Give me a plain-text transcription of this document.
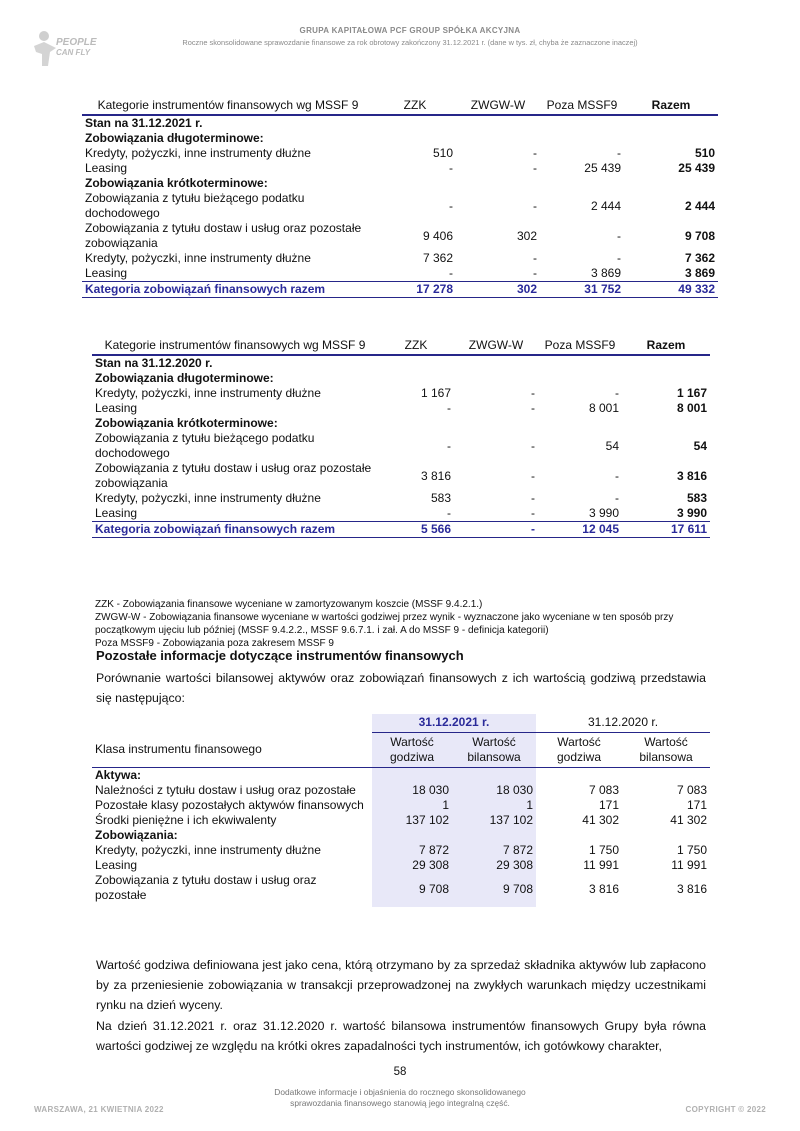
PEOPLE
CAN FLY
GRUPA KAPITAŁOWA PCF GROUP SPÓŁKA AKCYJNA
Roczne skonsolidowane sprawozdanie finansowe za rok obrotowy zakończony 31.12.2021 r. (dane w tys. zł, chyba że zaznaczone inaczej)
Kategorie instrumentów finansowych wg MSSF 9	ZZK	ZWGW-W	Poza MSSF9	Razem
Stan na 31.12.2021 r.				
Zobowiązania długoterminowe:				
Kredyty, pożyczki, inne instrumenty dłużne	510	-	-	510
Leasing	-	-	25 439	25 439
Zobowiązania krótkoterminowe:				
Zobowiązania z tytułu bieżącego podatku dochodowego	-	-	2 444	2 444
Zobowiązania z tytułu dostaw i usług oraz pozostałe zobowiązania	9 406	302	-	9 708
Kredyty, pożyczki, inne instrumenty dłużne	7 362	-	-	7 362
Leasing	-	-	3 869	3 869
Kategoria zobowiązań finansowych razem	17 278	302	31 752	49 332
Kategorie instrumentów finansowych wg MSSF 9	ZZK	ZWGW-W	Poza MSSF9	Razem
Stan na 31.12.2020 r.				
Zobowiązania długoterminowe:				
Kredyty, pożyczki, inne instrumenty dłużne	1 167	-	-	1 167
Leasing	-	-	8 001	8 001
Zobowiązania krótkoterminowe:				
Zobowiązania z tytułu bieżącego podatku dochodowego	-	-	54	54
Zobowiązania z tytułu dostaw i usług oraz pozostałe zobowiązania	3 816	-	-	3 816
Kredyty, pożyczki, inne instrumenty dłużne	583	-	-	583
Leasing	-	-	3 990	3 990
Kategoria zobowiązań finansowych razem	5 566	-	12 045	17 611
ZZK - Zobowiązania finansowe wyceniane w zamortyzowanym koszcie (MSSF 9.4.2.1.)
ZWGW-W - Zobowiązania finansowe wyceniane w wartości godziwej przez wynik - wyznaczone jako wyceniane w ten sposób przy początkowym ujęciu lub później (MSSF 9.4.2.2., MSSF 9.6.7.1. i zał. A do MSSF 9 - definicja kategorii)
Poza MSSF9 - Zobowiązania poza zakresem MSSF 9
Pozostałe informacje dotyczące instrumentów finansowych
Porównanie wartości bilansowej aktywów oraz zobowiązań finansowych z ich wartością godziwą przedstawia się następująco:
	31.12.2021 r.		31.12.2020 r.	
Klasa instrumentu finansowego	Wartość godziwa	Wartość bilansowa	Wartość godziwa	Wartość bilansowa
Aktywa:				
Należności z tytułu dostaw i usług oraz pozostałe	18 030	18 030	7 083	7 083
Pozostałe klasy pozostałych aktywów finansowych	1	1	171	171
Środki pieniężne i ich ekwiwalenty	137 102	137 102	41 302	41 302
Zobowiązania:				
Kredyty, pożyczki, inne instrumenty dłużne	7 872	7 872	1 750	1 750
Leasing	29 308	29 308	11 991	11 991
Zobowiązania z tytułu dostaw i usług oraz pozostałe	9 708	9 708	3 816	3 816
Wartość godziwa definiowana jest jako cena, którą otrzymano by za sprzedaż składnika aktywów lub zapłacono by za przeniesienie zobowiązania w transakcji przeprowadzonej na zwykłych warunkach między uczestnikami rynku na dzień wyceny.
Na dzień 31.12.2021 r. oraz 31.12.2020 r. wartość bilansowa instrumentów finansowych Grupy była równa wartości godziwej ze względu na krótki okres zapadalności tych instrumentów, ich gotówkowy charakter,
58
Dodatkowe informacje i objaśnienia do rocznego skonsolidowanego
sprawozdania finansowego stanowią jego integralną część.
WARSZAWA, 21 KWIETNIA 2022	COPYRIGHT © 2022
